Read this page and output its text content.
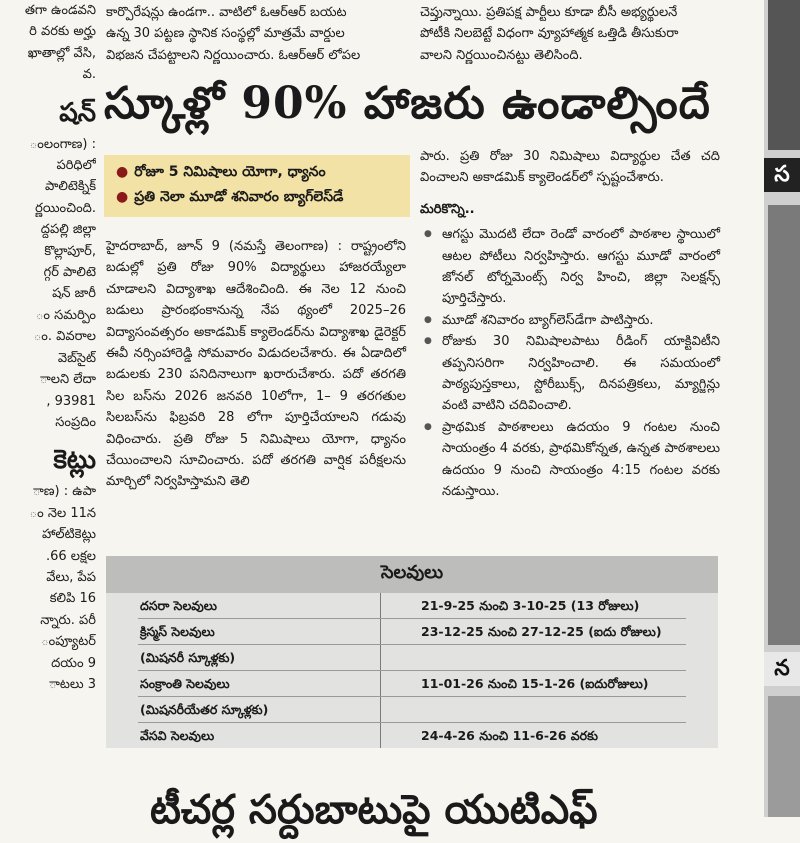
తగా ఉండవని
రి వరకు అర్హు
ఖాతాల్లో వేసి,
వ.
షన్
ంలంగాణ) :
పరిధిలో
పాలిటెక్నిక్
ర్ణయించింది.
ద్దపల్లి జిల్లా
కొల్లాపూర్,
గ్గర్ పాలిటె
షన్ జారీ
ం సమర్పిం
ం. వివరాల
వెబ్‌సైట్
ాలని లేదా
, 93981
సంప్రదిం
కెట్లు
ాణ) : ఉపా
ం నెల 11న
హాల్‌టికెట్లు
.66 లక్షల
వేలు, పేప
కలిపి 16
న్నారు. పరీ
ంప్యూటర్
దయం 9
ాటలు 3
కార్పొరేషన్లు ఉండగా.. వాటిలో ఓఆర్ఆర్ బయట
ఉన్న 30 పట్టణ స్థానిక సంస్థల్లో మాత్రమే వార్డుల
విభజన చేపట్టాలని నిర్ణయించారు. ఓఆర్ఆర్ లోపల
చెప్తున్నాయి. ప్రతిపక్ష పార్టీలు కూడా బీసీ అభ్యర్థులనే
పోటీకి నిలబెట్టే విధంగా వ్యూహాత్మక ఒత్తిడి తీసుకురా
వాలని నిర్ణయించినట్టు తెలిసింది.
స్కూళ్లో 90% హాజరు ఉండాల్సిందే
● రోజూ 5 నిమిషాలు యోగా, ధ్యానం
● ప్రతి నెలా మూడో శనివారం బ్యాగ్‌లెస్‌డే
హైదరాబాద్, జూన్ 9 (నమస్తే తెలంగాణ) : రాష్ట్రంలోని బడుల్లో ప్రతి రోజు 90% విద్యార్థులు హాజరయ్యేలా చూడాలని విద్యాశాఖ ఆదేశించింది. ఈ నెల 12 నుంచి బడులు ప్రారంభంకానున్న నేప థ్యంలో 2025–26 విద్యాసంవత్సరం అకాడమిక్ క్యాలెండర్‌ను విద్యాశాఖ డైరెక్టర్ ఈవీ నర్సింహారెడ్డి సోమవారం విడుదలచేశారు. ఈ ఏడాదిలో బడులకు 230 పనిదినాలుగా ఖరారుచేశారు. పదో తరగతి సిల బస్‌ను 2026 జనవరి 10లోగా, 1– 9 తరగతుల సిలబస్‌ను ఫిబ్రవరి 28 లోగా పూర్తిచేయాలని గడువు విధించారు. ప్రతి రోజు 5 నిమిషాలు యోగా, ధ్యానం చేయించాలని సూచించారు. పదో తరగతి వార్షిక పరీక్షలను మార్చిలో నిర్వహిస్తామని తెలి
పారు. ప్రతి రోజు 30 నిమిషాలు విద్యార్థుల చేత చది వించాలని అకాడమిక్ క్యాలెండర్‌లో స్పష్టంచేశారు.
మరికొన్ని..
● ఆగస్టు మొదటి లేదా రెండో వారంలో పాఠశాల స్థాయిలో ఆటల పోటీలు నిర్వహిస్తారు. ఆగస్టు మూడో వారంలో జోనల్ టోర్నమెంట్స్ నిర్వ హించి, జిల్లా సెలక్షన్స్ పూర్తిచేస్తారు.
● మూడో శనివారం బ్యాగ్‌లెస్‌డేగా పాటిస్తారు.
● రోజుకు 30 నిమిషాలపాటు రీడింగ్ యాక్టివిటీని తప్పనిసరిగా నిర్వహించాలి. ఈ సమయంలో పాఠ్యపుస్తకాలు, స్టోరీబుక్స్, దినపత్రికలు, మ్యాగ్జిన్లు వంటి వాటిని చదివించాలి.
● ప్రాథమిక పాఠశాలలు ఉదయం 9 గంటల నుంచి సాయంత్రం 4 వరకు, ప్రాథమికోన్నత, ఉన్నత పాఠశాలలు ఉదయం 9 నుంచి సాయంత్రం 4:15 గంటల వరకు నడుస్తాయి.
సెలవులు
దసరా సెలవులు	21-9-25 నుంచి 3-10-25 (13 రోజులు)
క్రిస్మస్ సెలవులు	23-12-25 నుంచి 27-12-25 (ఐదు రోజులు)
(మిషనరీ స్కూళ్లకు)
సంక్రాంతి సెలవులు	11-01-26 నుంచి 15-1-26 (ఐదురోజులు)
(మిషనరీయేతర స్కూళ్లకు)
వేసవి సెలవులు	24-4-26 నుంచి 11-6-26 వరకు
టీచర్ల సర్దుబాటుపై యుటిఎఫ్
స
న
